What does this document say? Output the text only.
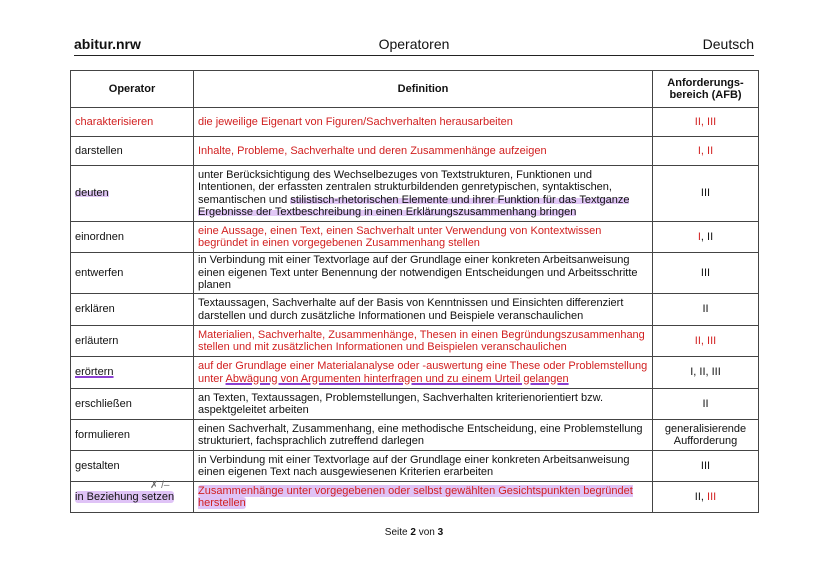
abitur.nrw	Operatoren	Deutsch
Operator	Definition	Anforderungs-
bereich (AFB)
charakterisieren	die jeweilige Eigenart von Figuren/Sachverhalten herausarbeiten	II, III
darstellen	Inhalte, Probleme, Sachverhalte und deren Zusammenhänge aufzeigen	I, II
deuten	unter Berücksichtigung des Wechselbezuges von Textstrukturen, Funktionen und Intentionen, der erfassten zentralen strukturbildenden genretypischen, syntaktischen, semantischen und stilistisch-rhetorischen Elemente und ihrer Funktion für das Textganze Ergebnisse der Textbeschreibung in einen Erklärungszusammenhang bringen	III
einordnen	eine Aussage, einen Text, einen Sachverhalt unter Verwendung von Kontextwissen begründet in einen vorgegebenen Zusammenhang stellen	I, II
entwerfen	in Verbindung mit einer Textvorlage auf der Grundlage einer konkreten Arbeitsanweisung einen eigenen Text unter Benennung der notwendigen Entscheidungen und Arbeitsschritte planen	III
erklären	Textaussagen, Sachverhalte auf der Basis von Kenntnissen und Einsichten differenziert darstellen und durch zusätzliche Informationen und Beispiele veranschaulichen	II
erläutern	Materialien, Sachverhalte, Zusammenhänge, Thesen in einen Begründungszusammenhang stellen und mit zusätzlichen Informationen und Beispielen veranschaulichen	II, III
erörtern	auf der Grundlage einer Materialanalyse oder -auswertung eine These oder Problemstellung unter Abwägung von Argumenten hinterfragen und zu einem Urteil gelangen	I, II, III
erschließen	an Texten, Textaussagen, Problemstellungen, Sachverhalten kriterienorientiert bzw. aspektgeleitet arbeiten	II
formulieren	einen Sachverhalt, Zusammenhang, eine methodische Entscheidung, eine Problemstellung strukturiert, fachsprachlich zutreffend darlegen	generalisierende Aufforderung
gestalten	in Verbindung mit einer Textvorlage auf der Grundlage einer konkreten Arbeitsanweisung einen eigenen Text nach ausgewiesenen Kriterien erarbeiten	III
in Beziehung setzen	Zusammenhänge unter vorgegebenen oder selbst gewählten Gesichtspunkten begründet herstellen	II, III
✗ /–
Seite 2 von 3
